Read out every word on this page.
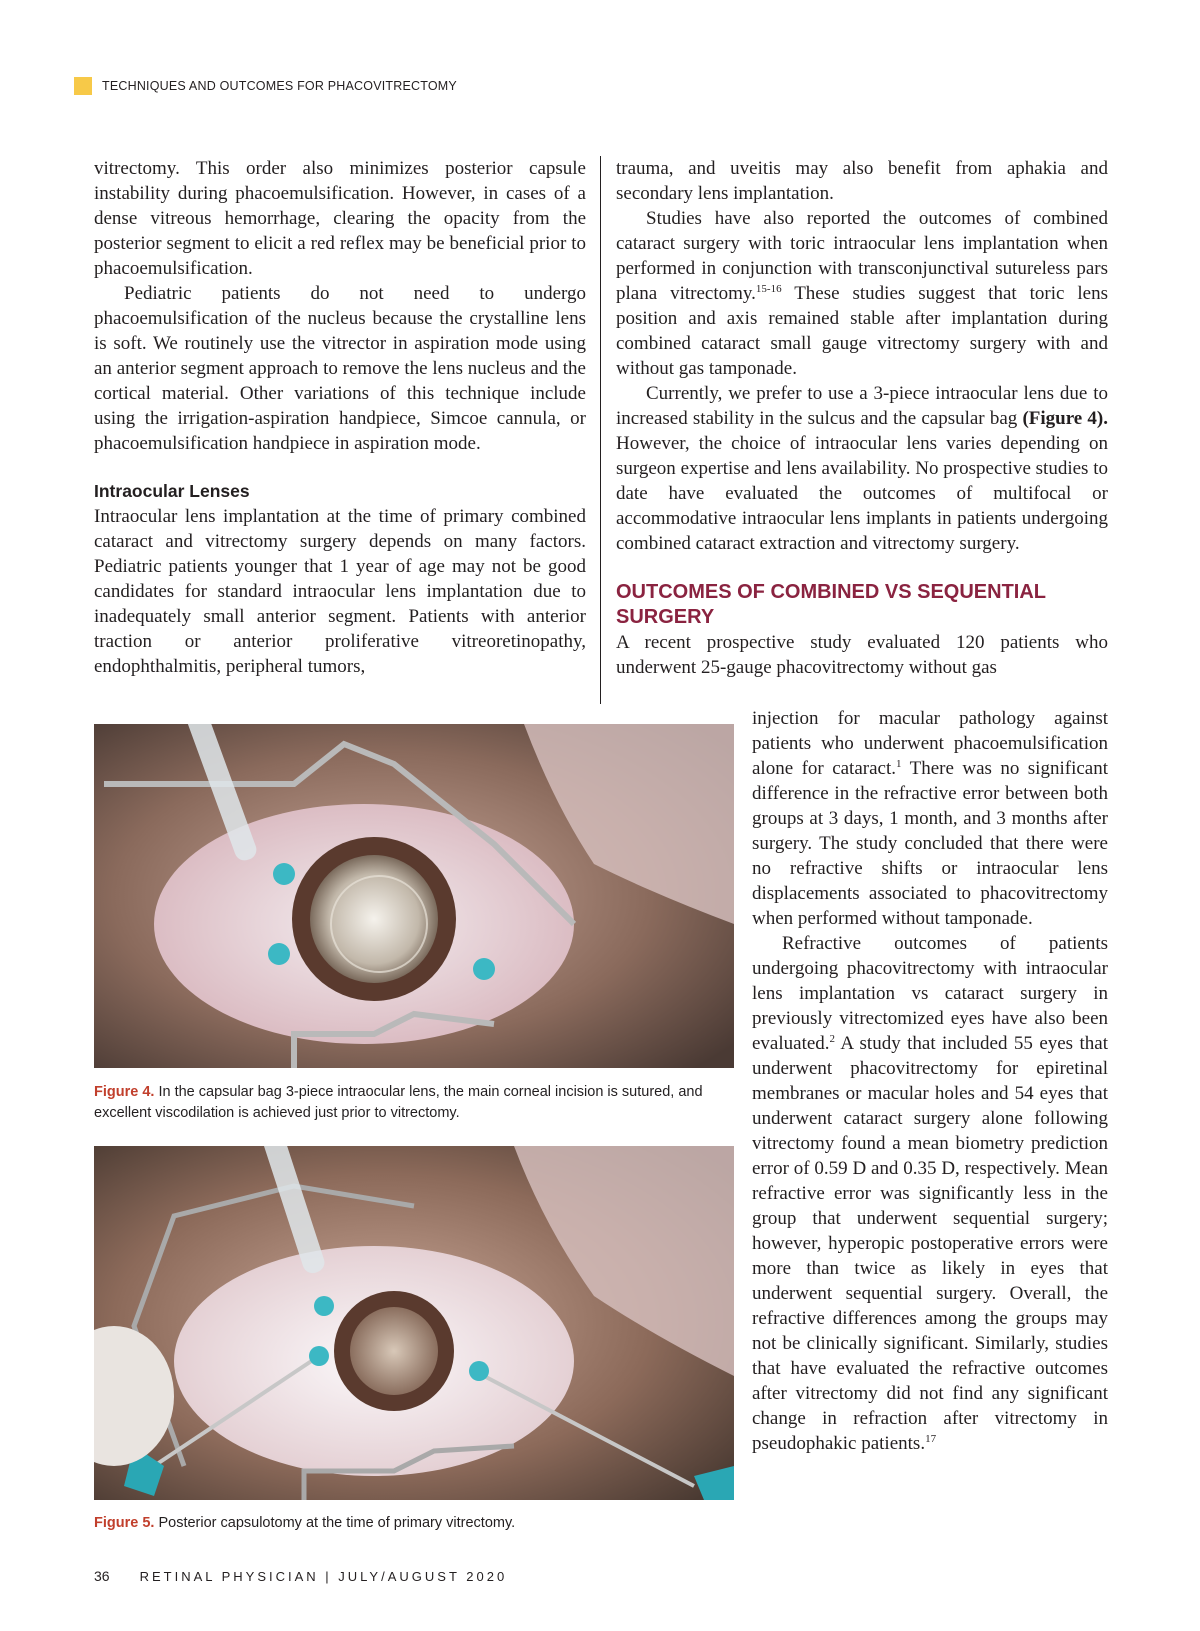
TECHNIQUES AND OUTCOMES FOR PHACOVITRECTOMY

vitrectomy. This order also minimizes posterior capsule instability during phacoemulsification. However, in cases of a dense vitreous hemorrhage, clearing the opacity from the posterior segment to elicit a red reflex may be beneficial prior to phacoemulsification.

Pediatric patients do not need to undergo phacoemulsification of the nucleus because the crystalline lens is soft. We routinely use the vitrector in aspiration mode using an anterior segment approach to remove the lens nucleus and the cortical material. Other variations of this technique include using the irrigation-aspiration handpiece, Simcoe cannula, or phacoemulsification handpiece in aspiration mode.

Intraocular Lenses

Intraocular lens implantation at the time of primary combined cataract and vitrectomy surgery depends on many factors. Pediatric patients younger that 1 year of age may not be good candidates for standard intraocular lens implantation due to inadequately small anterior segment. Patients with anterior traction or anterior proliferative vitreoretinopathy, endophthalmitis, peripheral tumors,

trauma, and uveitis may also benefit from aphakia and secondary lens implantation.

Studies have also reported the outcomes of combined cataract surgery with toric intraocular lens implantation when performed in conjunction with transconjunctival sutureless pars plana vitrectomy.$^{15-16}$ These studies suggest that toric lens position and axis remained stable after implantation during combined cataract small gauge vitrectomy surgery with and without gas tamponade.

Currently, we prefer to use a 3-piece intraocular lens due to increased stability in the sulcus and the capsular bag (Figure 4). However, the choice of intraocular lens varies depending on surgeon expertise and lens availability. No prospective studies to date have evaluated the outcomes of multifocal or accommodative intraocular lens implants in patients undergoing combined cataract extraction and vitrectomy surgery.

OUTCOMES OF COMBINED VS SEQUENTIAL SURGERY

A recent prospective study evaluated 120 patients who underwent 25-gauge phacovitrectomy without gas

injection for macular pathology against patients who underwent phacoemulsification alone for cataract.$^1$ There was no significant difference in the refractive error between both groups at 3 days, 1 month, and 3 months after surgery. The study concluded that there were no refractive shifts or intraocular lens displacements associated to phacovitrectomy when performed without tamponade.

Refractive outcomes of patients undergoing phacovitrectomy with intraocular lens implantation vs cataract surgery in previously vitrectomized eyes have also been evaluated.$^2$ A study that included 55 eyes that underwent phacovitrectomy for epiretinal membranes or macular holes and 54 eyes that underwent cataract surgery alone following vitrectomy found a mean biometry prediction error of 0.59 D and 0.35 D, respectively. Mean refractive error was significantly less in the group that underwent sequential surgery; however, hyperopic postoperative errors were more than twice as likely in eyes that underwent sequential surgery. Overall, the refractive differences among the groups may not be clinically significant. Similarly, studies that have evaluated the refractive outcomes after vitrectomy did not find any significant change in refraction after vitrectomy in pseudophakic patients.$^{17}$

Figure 4. In the capsular bag 3-piece intraocular lens, the main corneal incision is sutured, and excellent viscodilation is achieved just prior to vitrectomy.
Figure 5. Posterior capsulotomy at the time of primary vitrectomy.
36 RETINAL PHYSICIAN | JULY/AUGUST 2020
